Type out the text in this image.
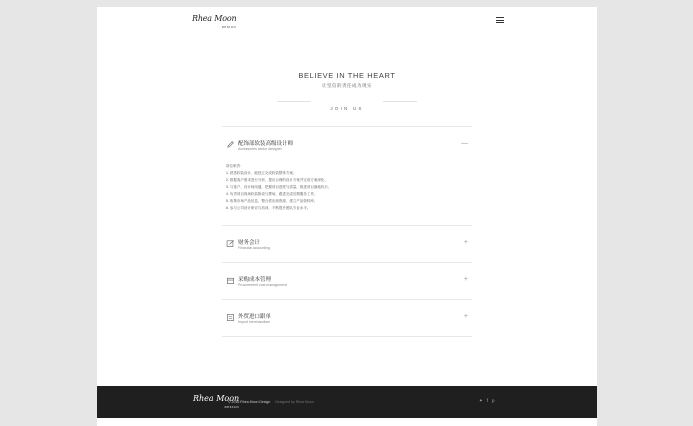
Rhea Moon
DESIGN
BELIEVE IN THE HEART
让坚信的责任成为现实
JOIN US
配饰部软装高级设计师
Accessories senior designer
—

岗位职责：

1. 熟悉软装设计，能独立完成软装整体方案；

2. 根据客户需求进行分析，提出合理的设计方案并完成方案深化；

3. 与客户、设计师沟通，把握项目进度与质量，推进项目落地执行；

4. 负责项目现场软装陈设与摆场，跟进完成后期服务工作；

5. 收集市场产品信息，整合供应商资源，建立产品资料库；

6. 参与公司设计研讨与培训，不断提升团队专业水平。

财务会计
Financial accounting
+
采购成本管理
Procurement cost management
+
外贸进口跟单
Import merchandiser
+
Rhea Moon
DESIGN
© 2016 Rhea Moon Design Designed by Rhea Moon	✦ f p
